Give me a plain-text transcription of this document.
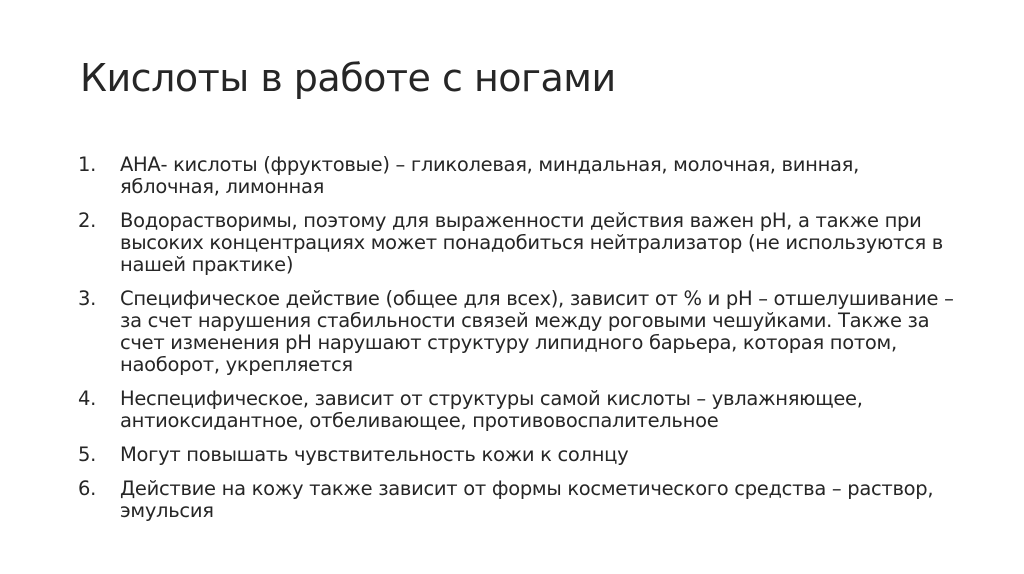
Кислоты в работе с ногами
1.	АНА- кислоты (фруктовые) – гликолевая, миндальная, молочная, винная, яблочная, лимонная
2.	Водорастворимы, поэтому для выраженности действия важен рН, а также при высоких концентрациях может понадобиться нейтрализатор (не используются в нашей практике)
3.	Специфическое действие (общее для всех), зависит от % и рН – отшелушивание – за счет нарушения стабильности связей между роговыми чешуйками. Также за счет изменения рН нарушают структуру липидного барьера, которая потом, наоборот, укрепляется
4.	Неспецифическое, зависит от структуры самой кислоты – увлажняющее, антиоксидантное, отбеливающее, противовоспалительное
5.	Могут повышать чувствительность кожи к солнцу
6.	Действие на кожу также зависит от формы косметического средства – раствор, эмульсия
